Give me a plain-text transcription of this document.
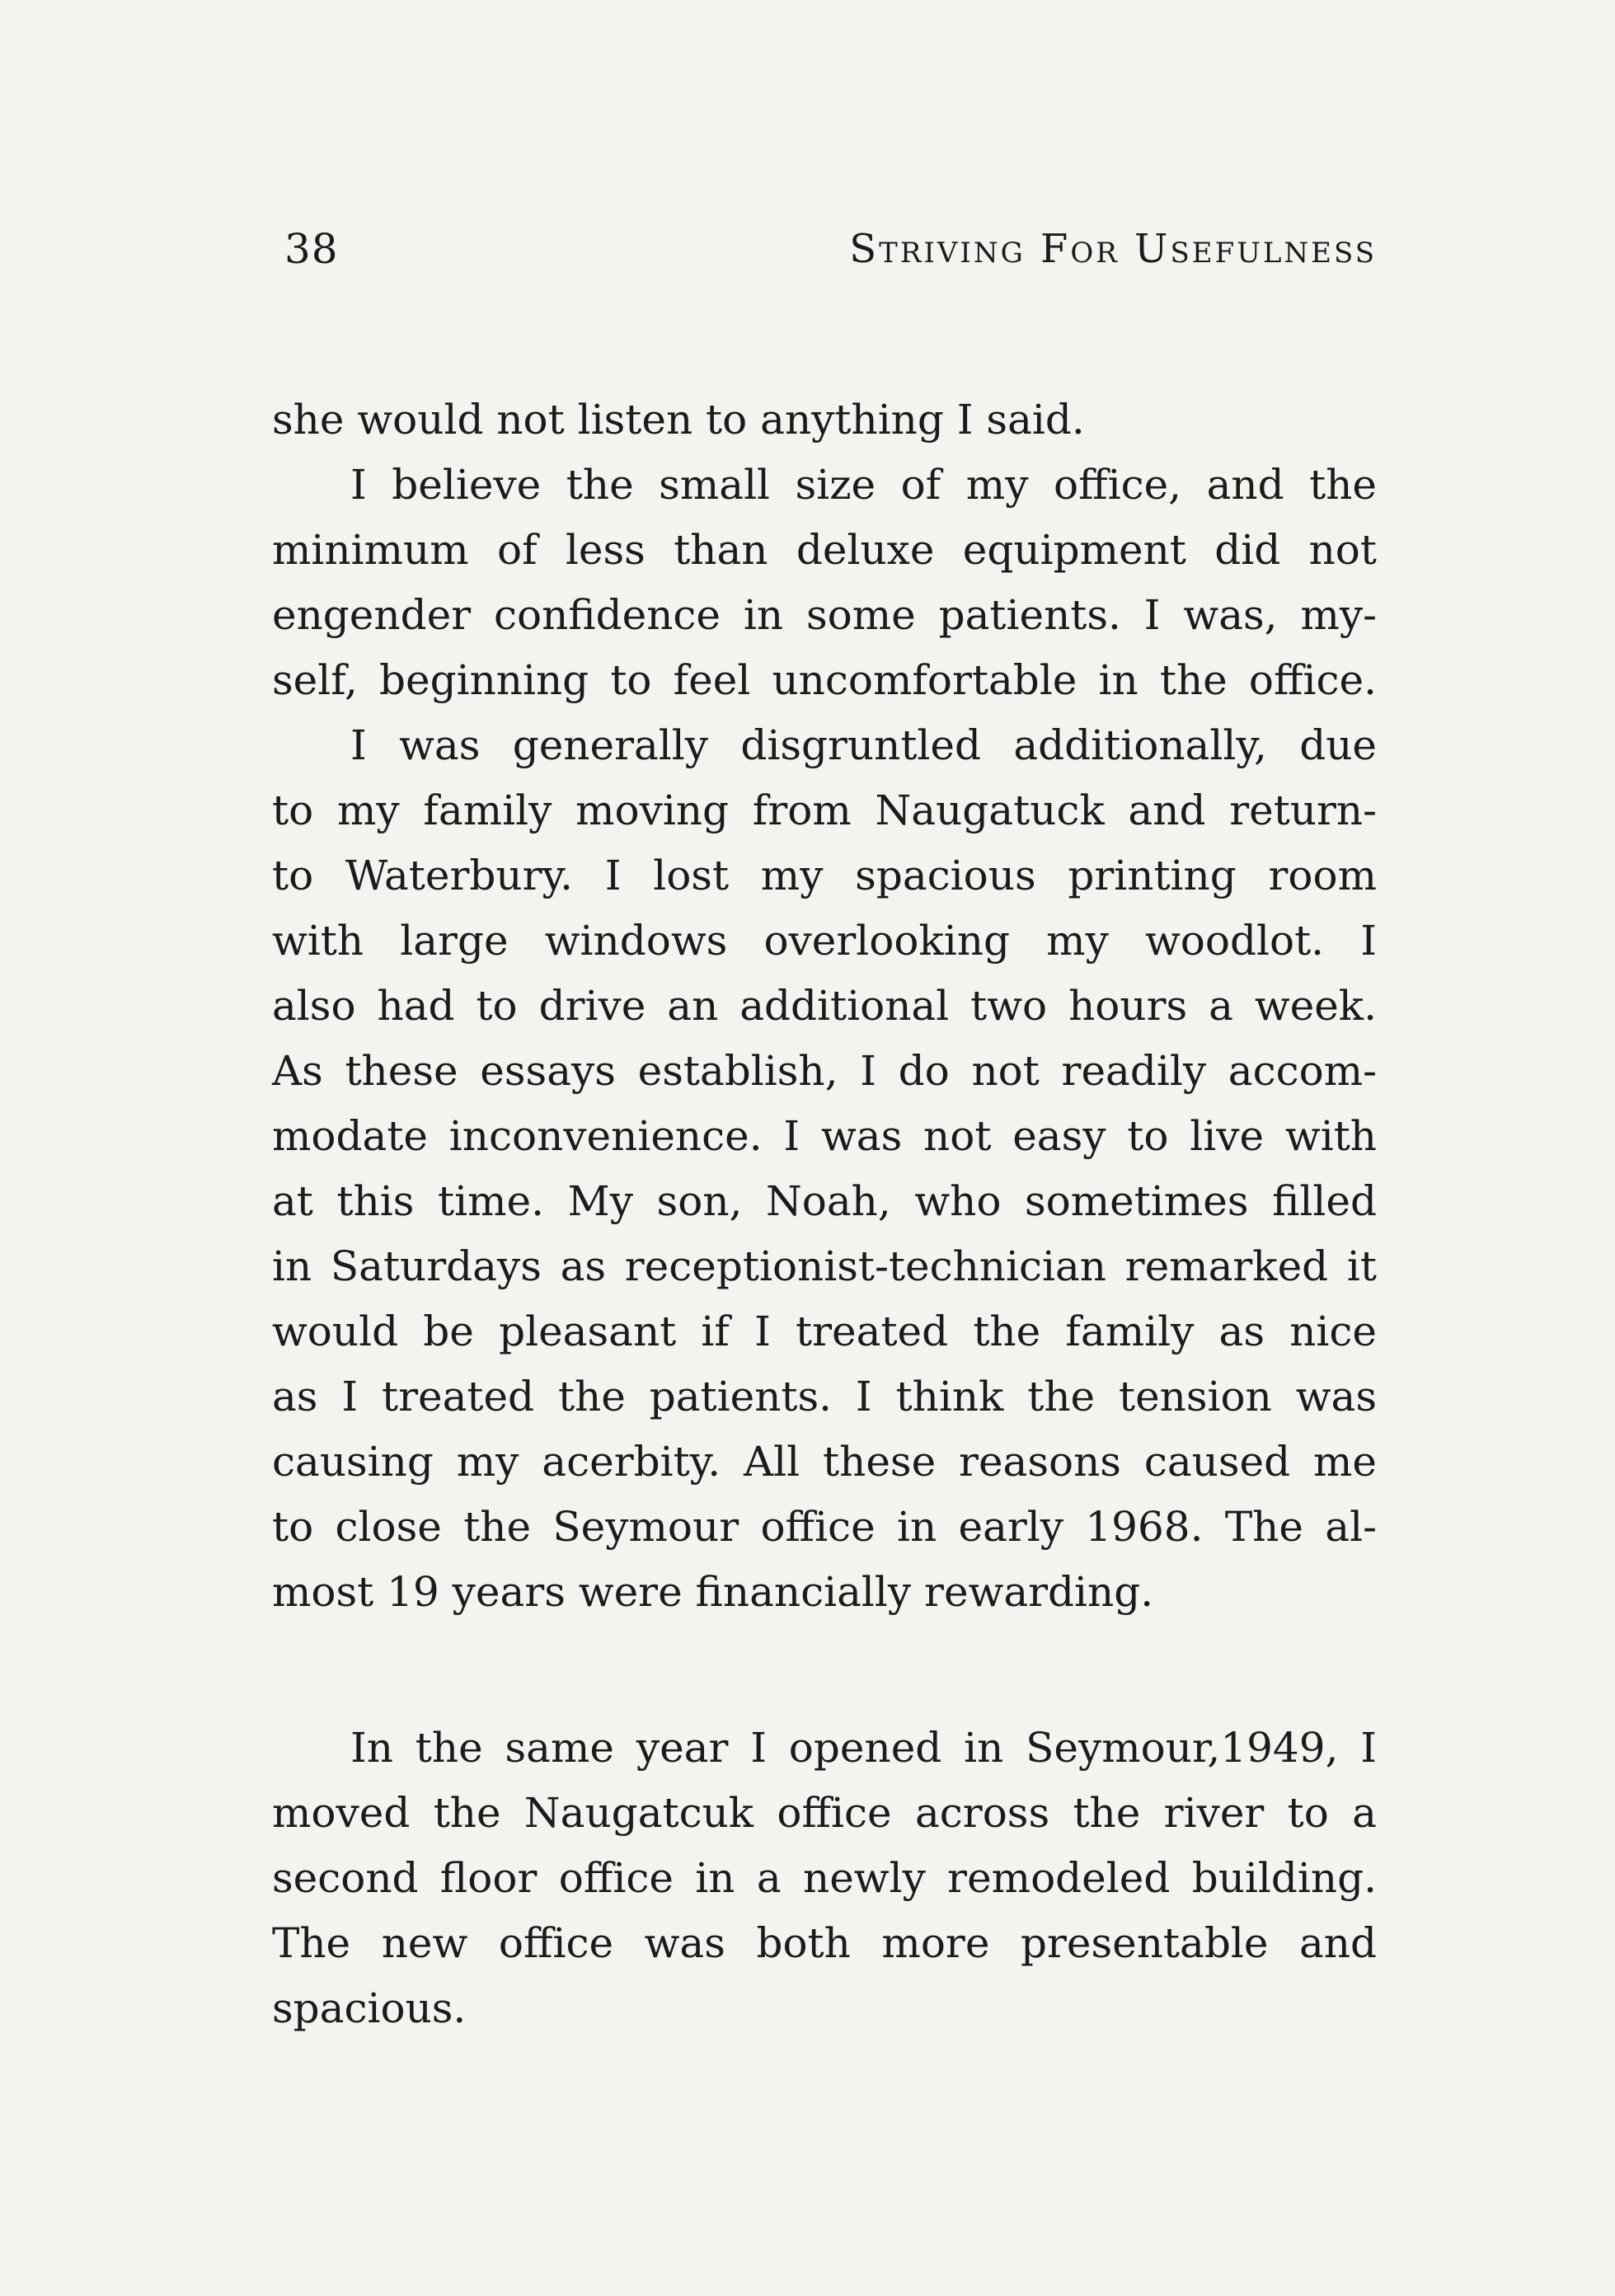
38	Striving For Usefulness
she would not listen to anything I said.
I believe the small size of my office, and the
minimum of less than deluxe equipment did not
engender confidence in some patients. I was, my-
self, beginning to feel uncomfortable in the office.
I was generally disgruntled additionally, due
to my family moving from Naugatuck and return-
to Waterbury. I lost my spacious printing room
with large windows overlooking my woodlot. I
also had to drive an additional two hours a week.
As these essays establish, I do not readily accom-
modate inconvenience. I was not easy to live with
at this time. My son, Noah, who sometimes filled
in Saturdays as receptionist-technician remarked it
would be pleasant if I treated the family as nice
as I treated the patients. I think the tension was
causing my acerbity. All these reasons caused me
to close the Seymour office in early 1968. The al-
most 19 years were financially rewarding.
In the same year I opened in Seymour,1949, I
moved the Naugatcuk office across the river to a
second floor office in a newly remodeled building.
The new office was both more presentable and
spacious.
